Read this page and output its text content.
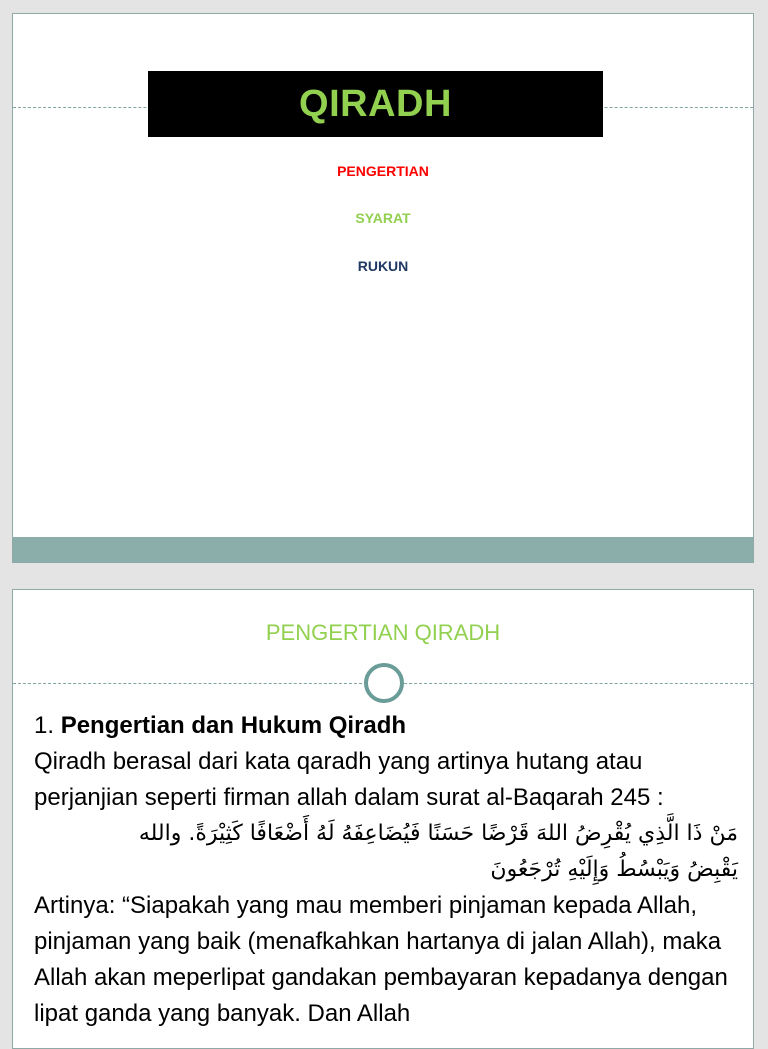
QIRADH
PENGERTIAN
SYARAT
RUKUN
PENGERTIAN QIRADH

1. Pengertian dan Hukum Qiradh

Qiradh berasal dari kata qaradh yang artinya hutang atau perjanjian seperti firman allah dalam surat al-Baqarah 245 :

مَنْ ذَا الَّذِي يُقْرِضُ اللهَ قَرْضًا حَسَنًا فَيُضَاعِفَهُ لَهُ أَضْعَافًا كَثِيْرَةً. والله

يَقْبِضُ وَيَبْسُطُ وَإِلَيْهِ تُرْجَعُونَ

Artinya: “Siapakah yang mau memberi pinjaman kepada Allah, pinjaman yang baik (menafkahkan hartanya di jalan Allah), maka Allah akan meperlipat gandakan pembayaran kepadanya dengan lipat ganda yang banyak. Dan Allah
